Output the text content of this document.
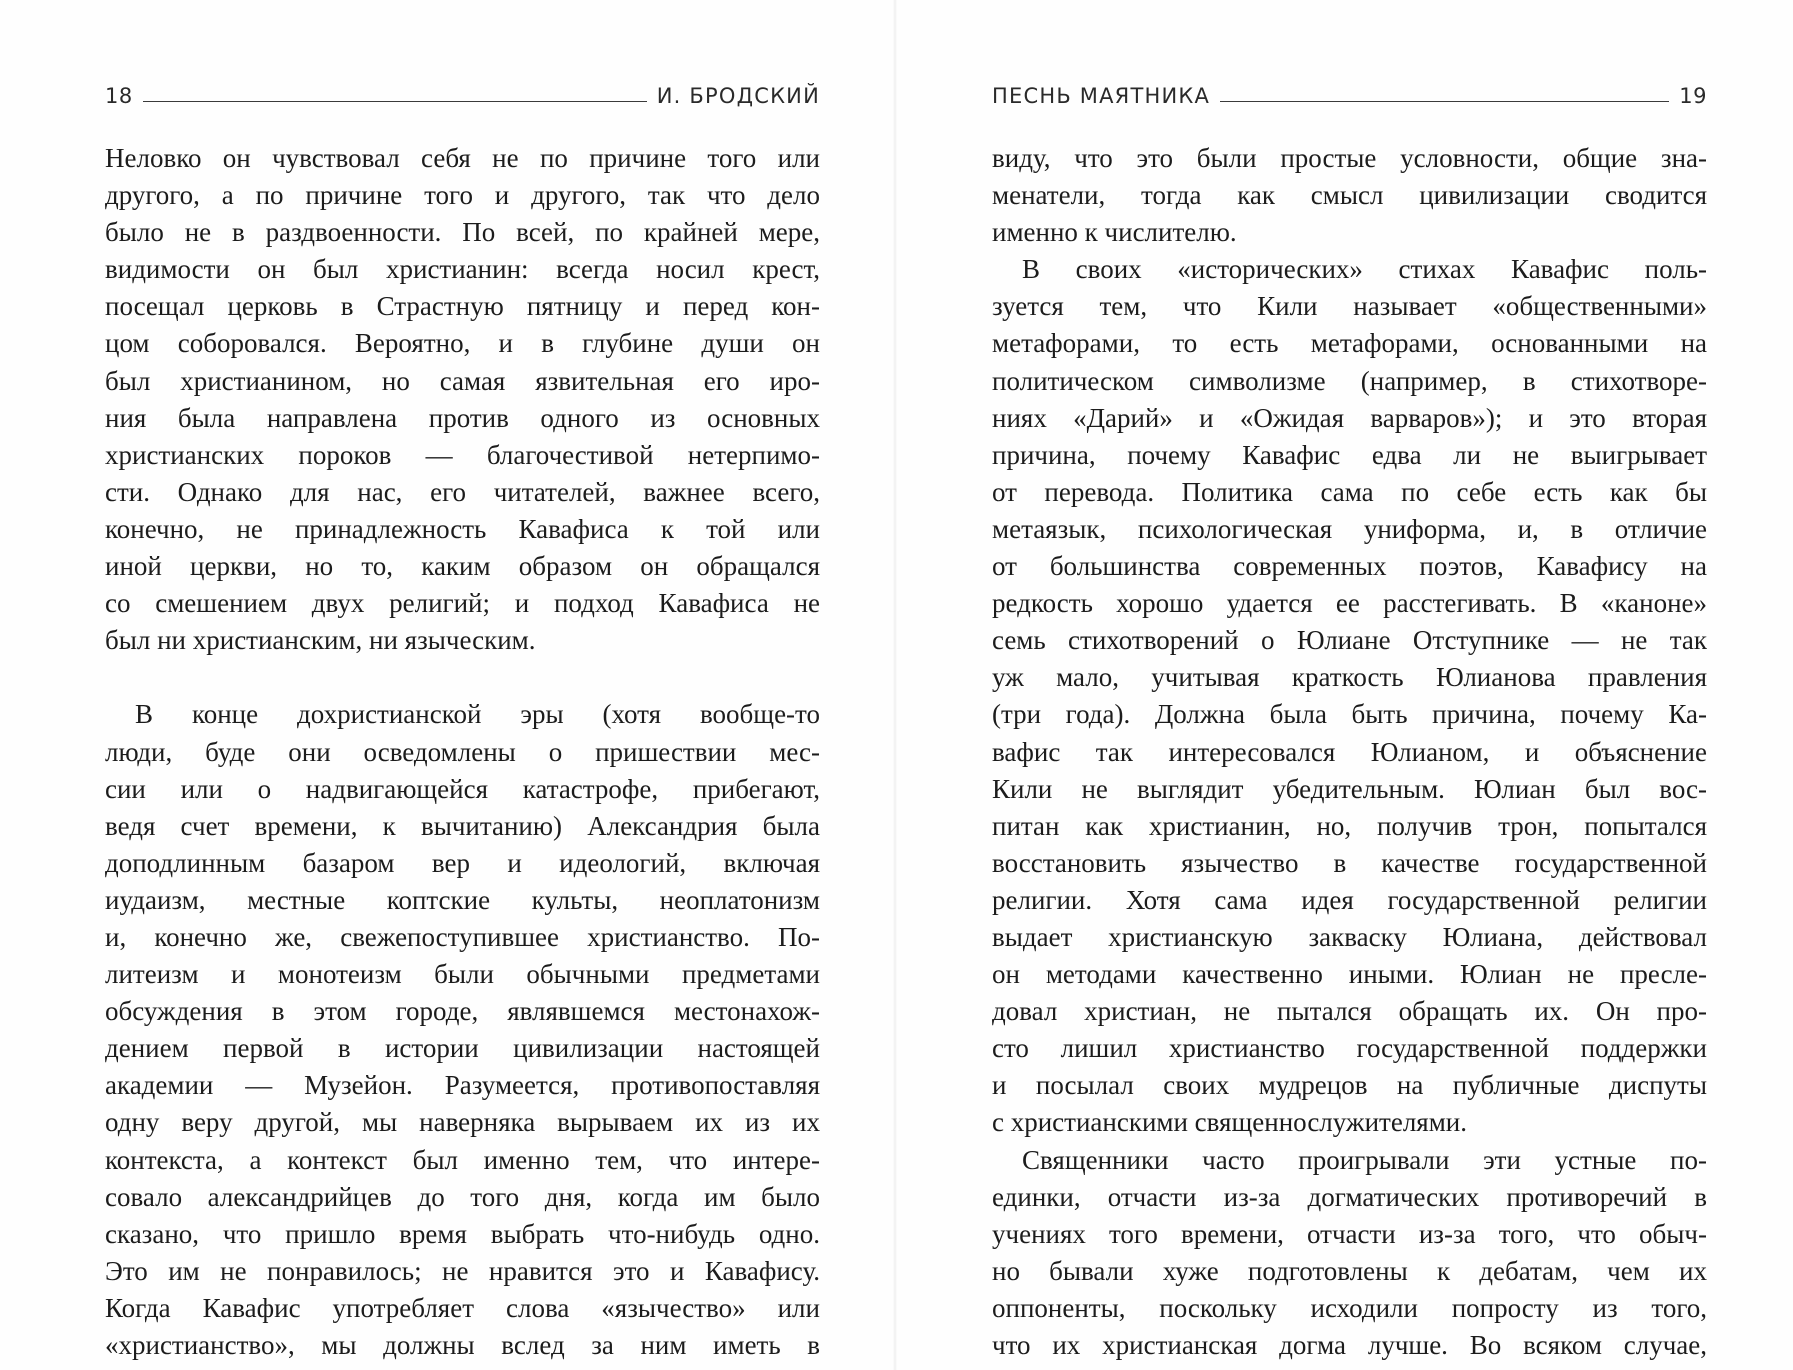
18	И. БРОДСКИЙ
Неловко он чувствовал себя не по причине того или
другого, а по причине того и другого, так что дело
было не в раздвоенности. По всей, по крайней мере,
видимости он был христианин: всегда носил крест,
посещал церковь в Страстную пятницу и перед кон-
цом соборовался. Вероятно, и в глубине души он
был христианином, но самая язвительная его иро-
ния была направлена против одного из основных
христианских пороков — благочестивой нетерпимо-
сти. Однако для нас, его читателей, важнее всего,
конечно, не принадлежность Кавафиса к той или
иной церкви, но то, каким образом он обращался
со смешением двух религий; и подход Кавафиса не
был ни христианским, ни языческим.
В конце дохристианской эры (хотя вообще-то
люди, буде они осведомлены о пришествии мес-
сии или о надвигающейся катастрофе, прибегают,
ведя счет времени, к вычитанию) Александрия была
доподлинным базаром вер и идеологий, включая
иудаизм, местные коптские культы, неоплатонизм
и, конечно же, свежепоступившее христианство. По-
литеизм и монотеизм были обычными предметами
обсуждения в этом городе, являвшемся местонахож-
дением первой в истории цивилизации настоящей
академии — Музейон. Разумеется, противопоставляя
одну веру другой, мы наверняка вырываем их из их
контекста, а контекст был именно тем, что интере-
совало александрийцев до того дня, когда им было
сказано, что пришло время выбрать что-нибудь одно.
Это им не понравилось; не нравится это и Кавафису.
Когда Кавафис употребляет слова «язычество» или
«христианство», мы должны вслед за ним иметь в
ПЕСНЬ МАЯТНИКА	19
виду, что это были простые условности, общие зна-
менатели, тогда как смысл цивилизации сводится
именно к числителю.
В своих «исторических» стихах Кавафис поль-
зуется тем, что Кили называет «общественными»
метафорами, то есть метафорами, основанными на
политическом символизме (например, в стихотворе-
ниях «Дарий» и «Ожидая варваров»); и это вторая
причина, почему Кавафис едва ли не выигрывает
от перевода. Политика сама по себе есть как бы
метаязык, психологическая униформа, и, в отличие
от большинства современных поэтов, Кавафису на
редкость хорошо удается ее расстегивать. В «каноне»
семь стихотворений о Юлиане Отступнике — не так
уж мало, учитывая краткость Юлианова правления
(три года). Должна была быть причина, почему Ка-
вафис так интересовался Юлианом, и объяснение
Кили не выглядит убедительным. Юлиан был вос-
питан как христианин, но, получив трон, попытался
восстановить язычество в качестве государственной
религии. Хотя сама идея государственной религии
выдает христианскую закваску Юлиана, действовал
он методами качественно иными. Юлиан не пресле-
довал христиан, не пытался обращать их. Он про-
сто лишил христианство государственной поддержки
и посылал своих мудрецов на публичные диспуты
с христианскими священнослужителями.
Священники часто проигрывали эти устные по-
единки, отчасти из-за догматических противоречий в
учениях того времени, отчасти из-за того, что обыч-
но бывали хуже подготовлены к дебатам, чем их
оппоненты, поскольку исходили попросту из того,
что их христианская догма лучше. Во всяком случае,
